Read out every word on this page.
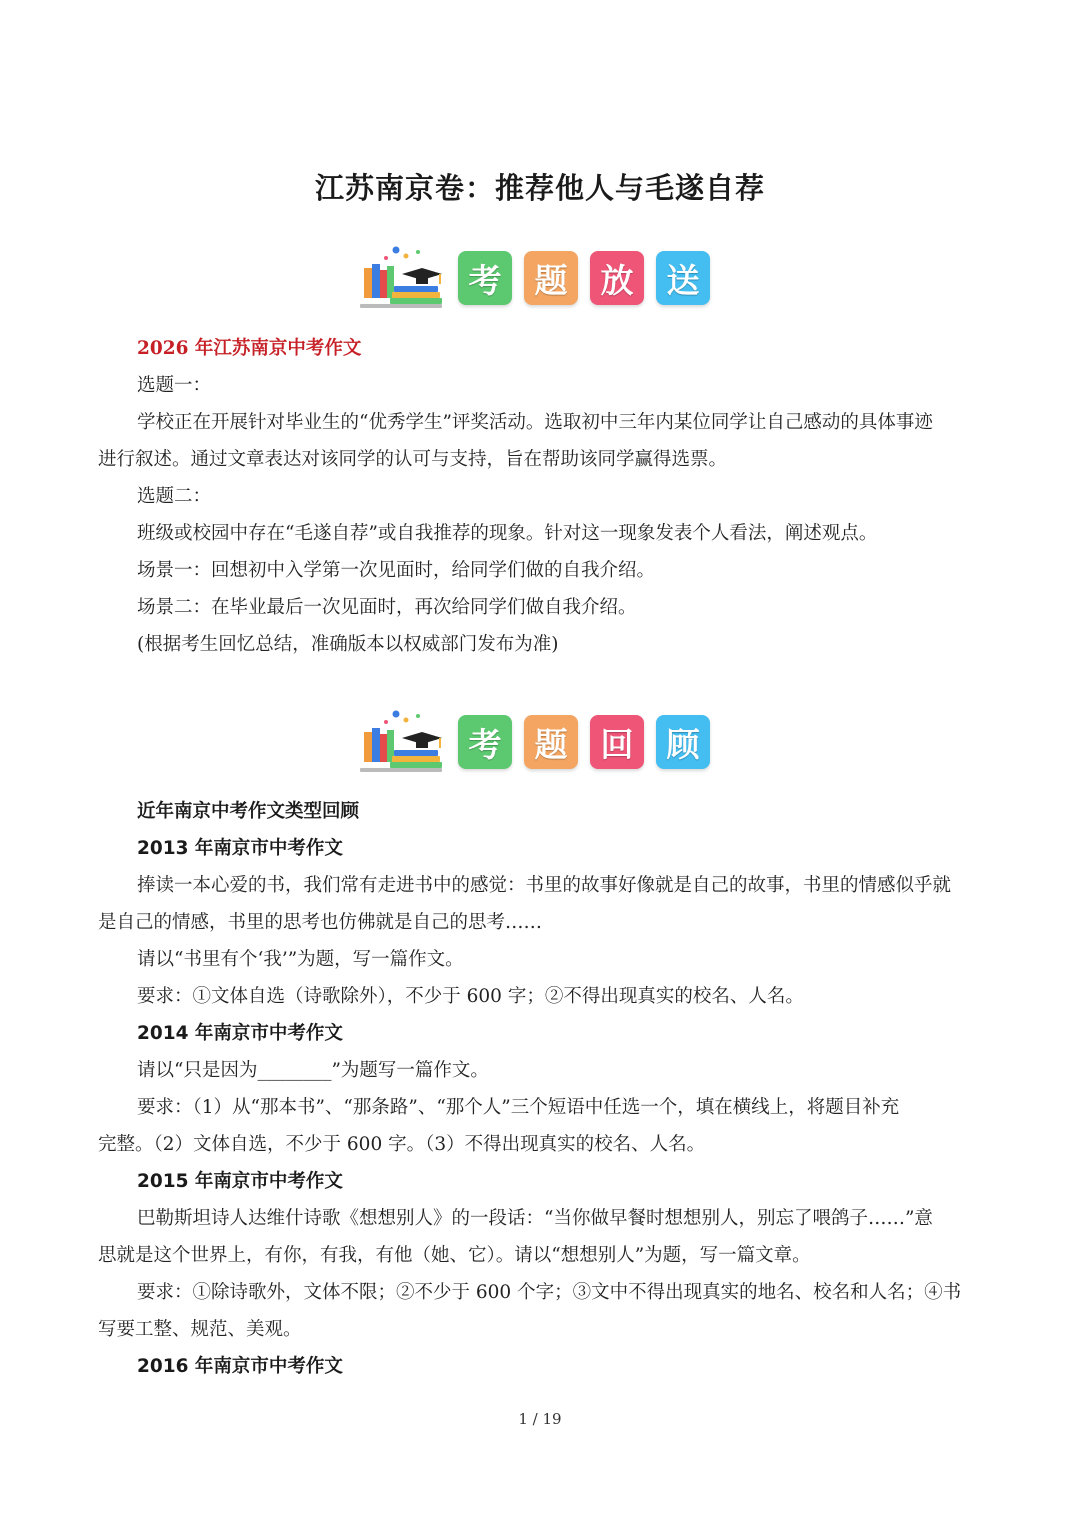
江苏南京卷：推荐他人与毛遂自荐
考	题	放	送
2026 年江苏南京中考作文
选题一：
学校正在开展针对毕业生的“优秀学生”评奖活动。选取初中三年内某位同学让自己感动的具体事迹
进行叙述。通过文章表达对该同学的认可与支持，旨在帮助该同学赢得选票。
选题二：
班级或校园中存在“毛遂自荐”或自我推荐的现象。针对这一现象发表个人看法，阐述观点。
场景一：回想初中入学第一次见面时，给同学们做的自我介绍。
场景二：在毕业最后一次见面时，再次给同学们做自我介绍。
(根据考生回忆总结，准确版本以权威部门发布为准)
考	题	回	顾
近年南京中考作文类型回顾
2013 年南京市中考作文
捧读一本心爱的书，我们常有走进书中的感觉：书里的故事好像就是自己的故事，书里的情感似乎就
是自己的情感，书里的思考也仿佛就是自己的思考……
请以“书里有个‘我’”为题，写一篇作文。
要求：①文体自选（诗歌除外），不少于 600 字；②不得出现真实的校名、人名。
2014 年南京市中考作文
请以“只是因为________”为题写一篇作文。
要求：（1）从“那本书”、“那条路”、“那个人”三个短语中任选一个，填在横线上，将题目补充
完整。（2）文体自选，不少于 600 字。（3）不得出现真实的校名、人名。
2015 年南京市中考作文
巴勒斯坦诗人达维什诗歌《想想别人》的一段话：“当你做早餐时想想别人，别忘了喂鸽子……”意
思就是这个世界上，有你，有我，有他（她、它）。请以“想想别人”为题，写一篇文章。
要求：①除诗歌外，文体不限；②不少于 600 个字；③文中不得出现真实的地名、校名和人名；④书
写要工整、规范、美观。
2016 年南京市中考作文
1 / 19
